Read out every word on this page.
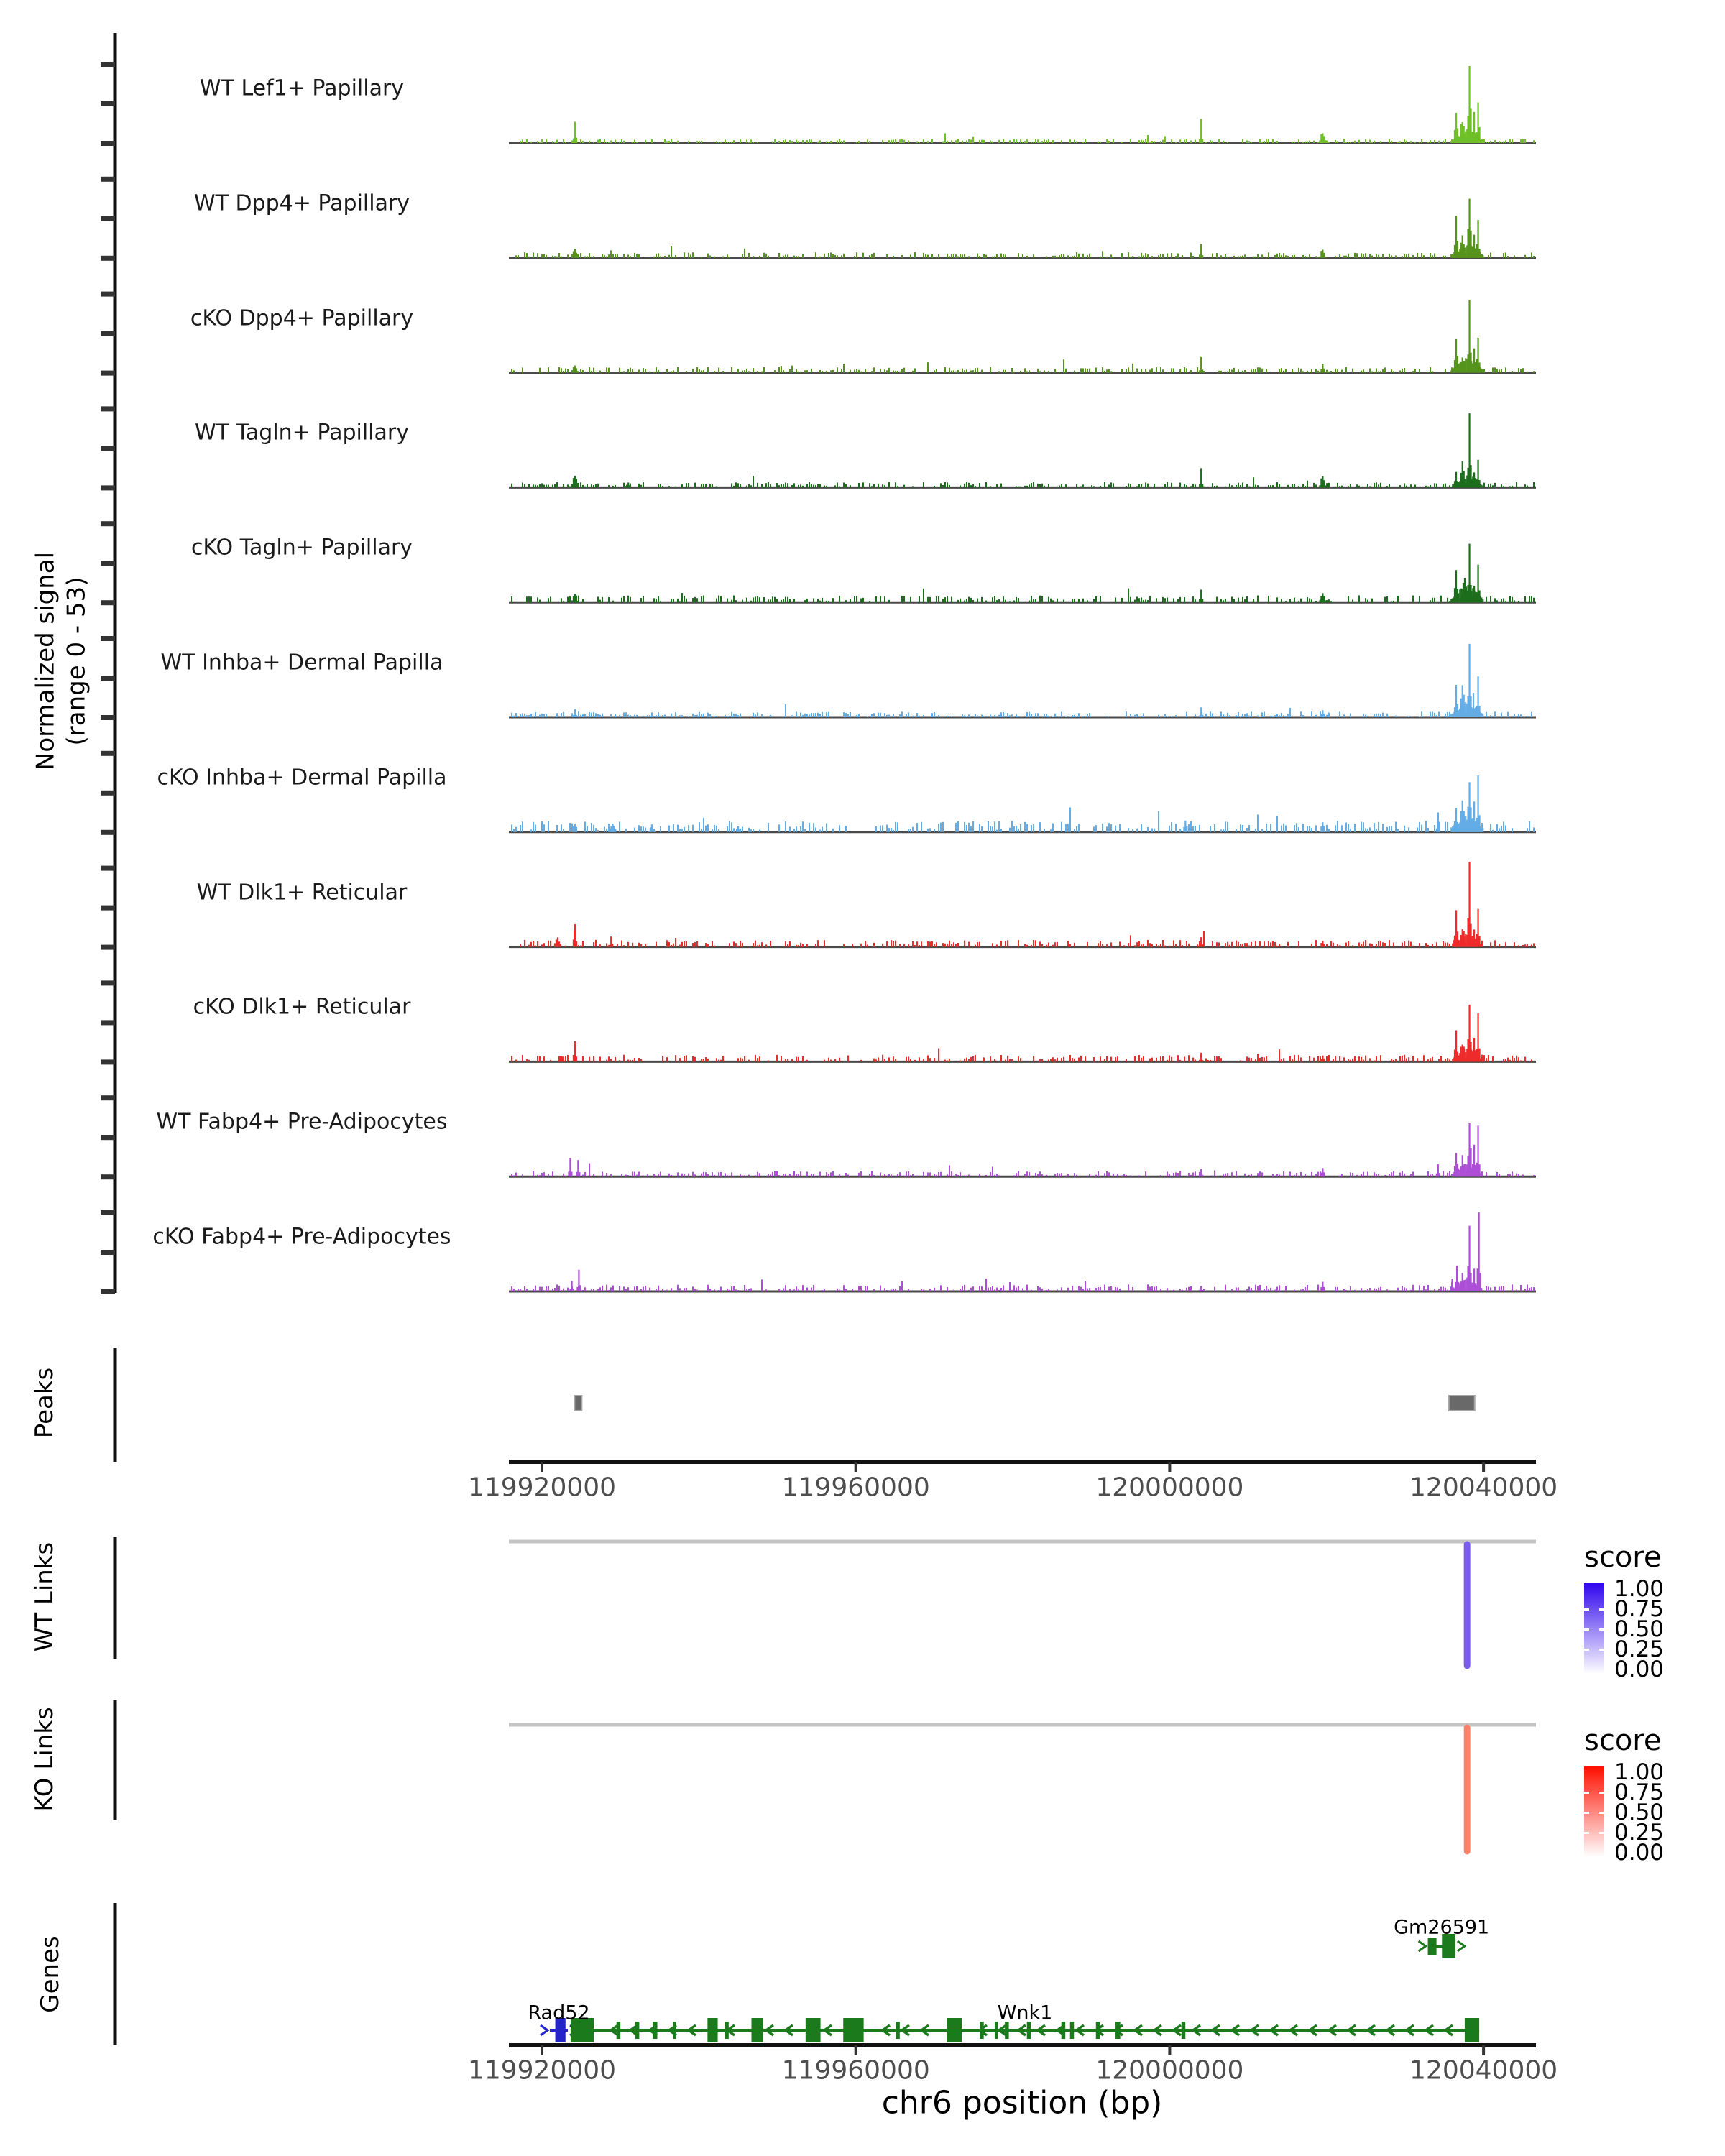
Normalized signal (range 0 - 53)
Peaks
WT Links
KO Links
Genes
chr6 position (bp)
WT Lef1+ Papillary
WT Dpp4+ Papillary
cKO Dpp4+ Papillary
WT Tagln+ Papillary
cKO Tagln+ Papillary
WT Inhba+ Dermal Papilla
cKO Inhba+ Dermal Papilla
WT Dlk1+ Reticular
cKO Dlk1+ Reticular
WT Fabp4+ Pre-Adipocytes
cKO Fabp4+ Pre-Adipocytes
119920000	119960000	120000000	120040000
119920000	119960000	120000000	120040000
score
1.00
0.75
0.50
0.25
0.00
score
1.00
0.75
0.50
0.25
0.00
Rad52	Wnk1
Gm26591
